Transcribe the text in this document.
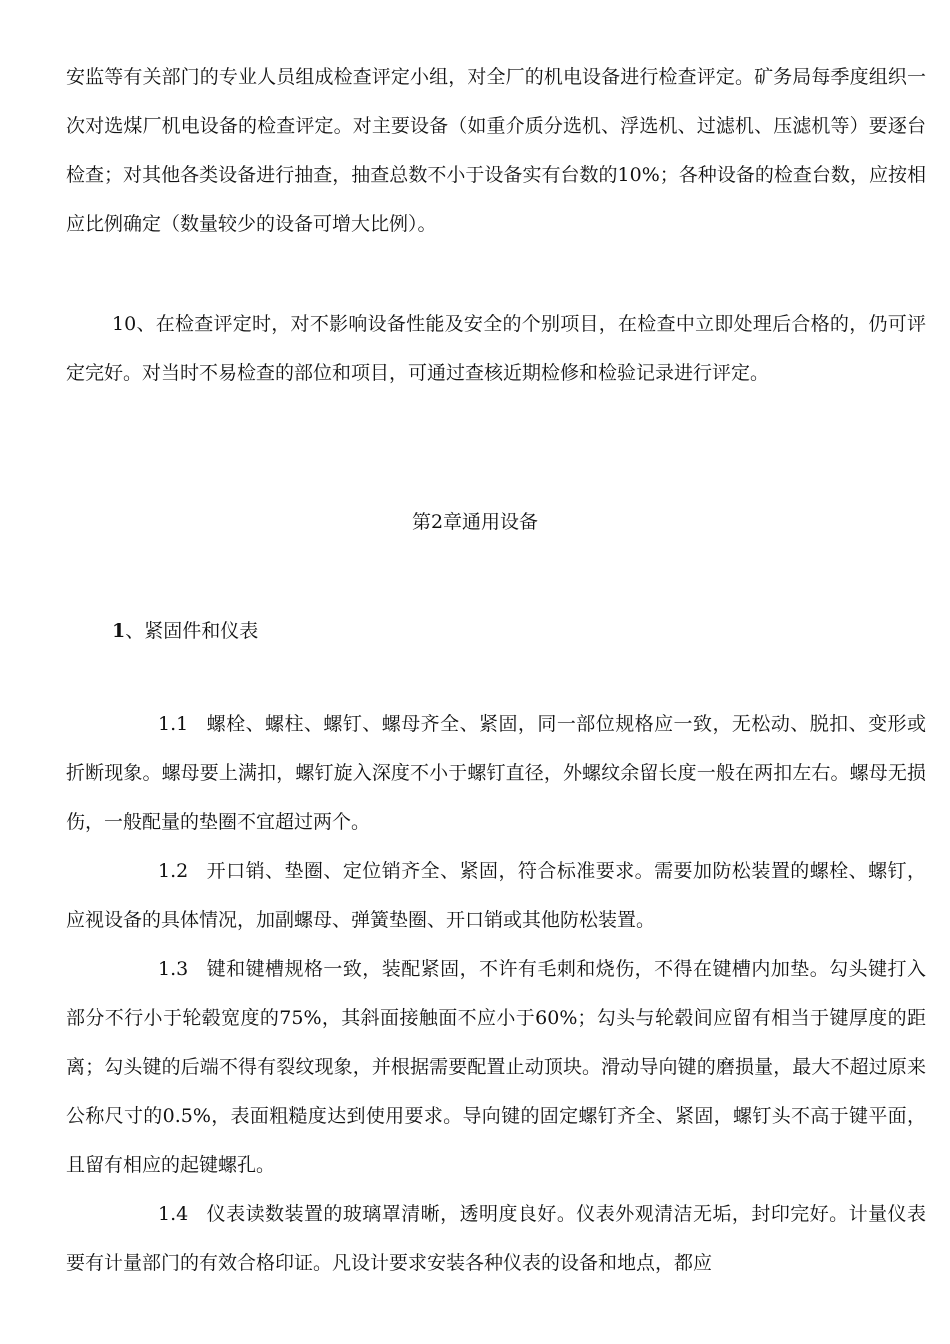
安监等有关部门的专业人员组成检查评定小组，对全厂的机电设备进行检查评定。矿务局每季度组织一次对选煤厂机电设备的检查评定。对主要设备（如重介质分选机、浮选机、过滤机、压滤机等）要逐台检查；对其他各类设备进行抽查，抽查总数不小于设备实有台数的10%；各种设备的检查台数，应按相应比例确定（数量较少的设备可增大比例）。

10、在检查评定时，对不影响设备性能及安全的个别项目，在检查中立即处理后合格的，仍可评定完好。对当时不易检查的部位和项目，可通过查核近期检修和检验记录进行评定。

第2章通用设备
1、紧固件和仪表

1.1 螺栓、螺柱、螺钉、螺母齐全、紧固，同一部位规格应一致，无松动、脱扣、变形或折断现象。螺母要上满扣，螺钉旋入深度不小于螺钉直径，外螺纹余留长度一般在两扣左右。螺母无损伤，一般配量的垫圈不宜超过两个。

1.2 开口销、垫圈、定位销齐全、紧固，符合标准要求。需要加防松装置的螺栓、螺钉，应视设备的具体情况，加副螺母、弹簧垫圈、开口销或其他防松装置。

1.3 键和键槽规格一致，装配紧固，不许有毛刺和烧伤，不得在键槽内加垫。勾头键打入部分不行小于轮毂宽度的75%，其斜面接触面不应小于60%；勾头与轮毂间应留有相当于键厚度的距离；勾头键的后端不得有裂纹现象，并根据需要配置止动顶块。滑动导向键的磨损量，最大不超过原来公称尺寸的0.5%，表面粗糙度达到使用要求。导向键的固定螺钉齐全、紧固，螺钉头不高于键平面，且留有相应的起键螺孔。

1.4 仪表读数装置的玻璃罩清晰，透明度良好。仪表外观清洁无垢，封印完好。计量仪表要有计量部门的有效合格印证。凡设计要求安装各种仪表的设备和地点，都应
